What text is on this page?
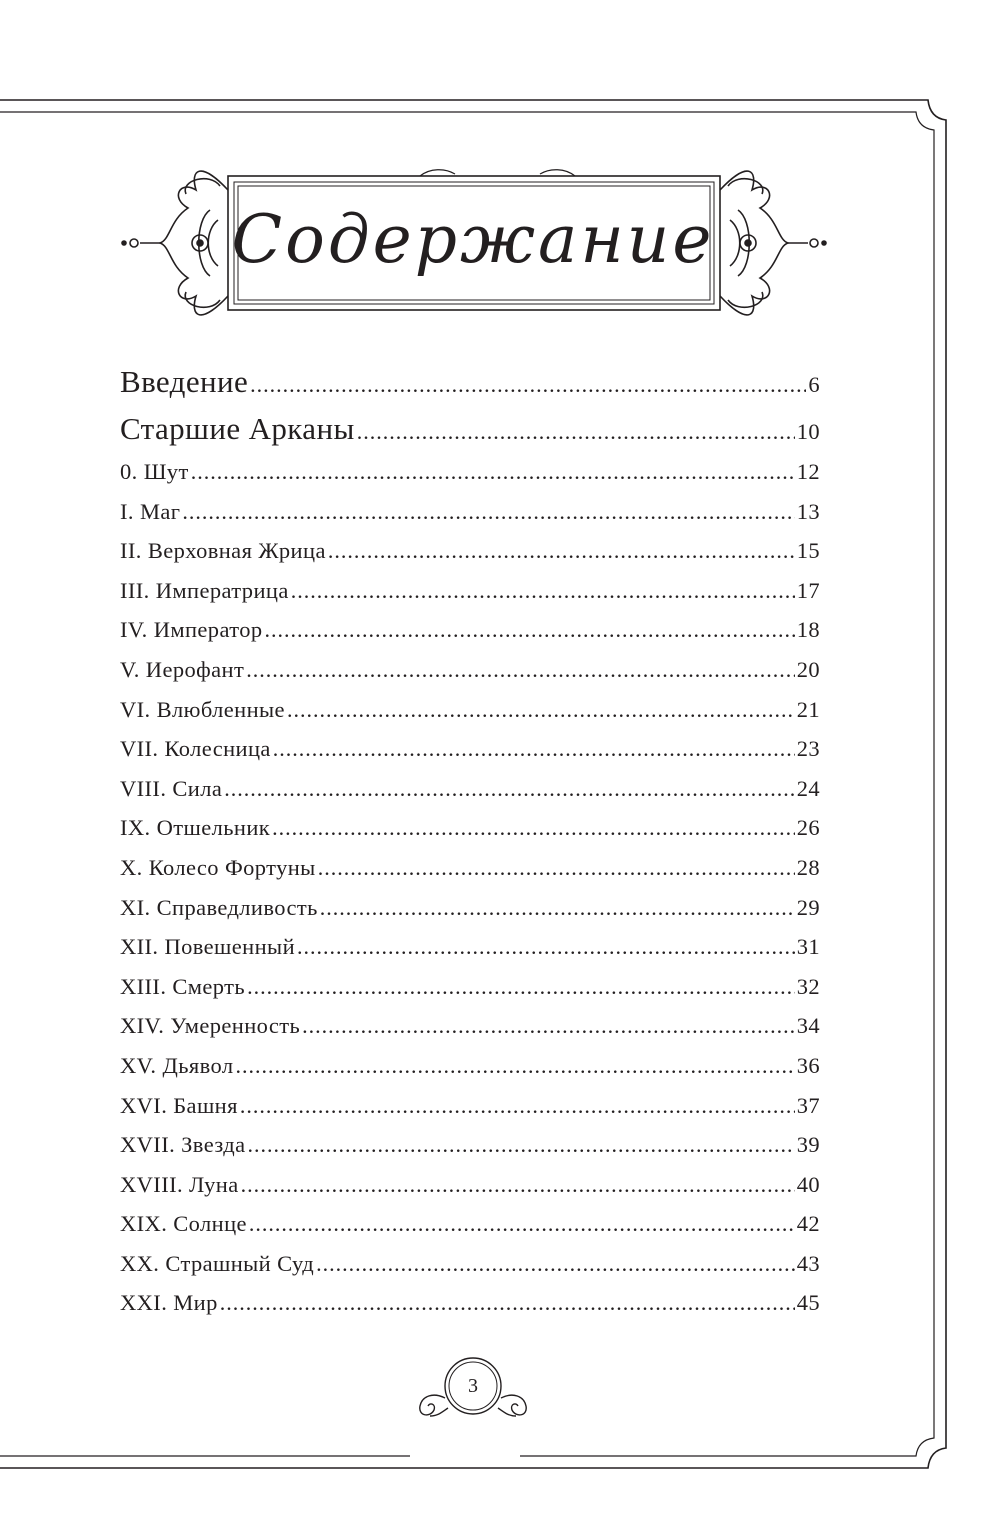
Содержание
Введение .....	6
Старшие Арканы .....	10
0. Шут .....	12
I. Маг .....	13
II. Верховная Жрица .....	15
III. Императрица .....	17
IV. Император .....	18
V. Иерофант .....	20
VI. Влюбленные .....	21
VII. Колесница .....	23
VIII. Сила .....	24
IX. Отшельник .....	26
X. Колесо Фортуны .....	28
XI. Справедливость .....	29
XII. Повешенный .....	31
XIII. Смерть .....	32
XIV. Умеренность .....	34
XV. Дьявол .....	36
XVI. Башня .....	37
XVII. Звезда .....	39
XVIII. Луна .....	40
XIX. Солнце .....	42
XX. Страшный Суд .....	43
XXI. Мир .....	45
3
